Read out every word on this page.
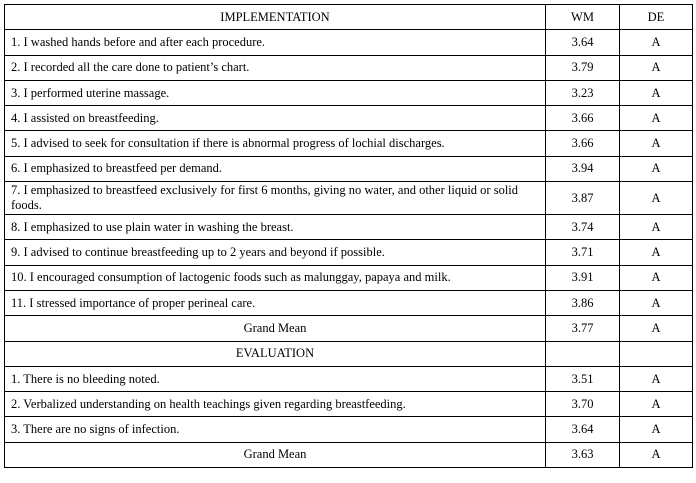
IMPLEMENTATION	WM	DE
1. I washed hands before and after each procedure.	3.64	A
2. I recorded all the care done to patient’s chart.	3.79	A
3. I performed uterine massage.	3.23	A
4. I assisted on breastfeeding.	3.66	A
5. I advised to seek for consultation if there is abnormal progress of lochial discharges.	3.66	A
6. I emphasized to breastfeed per demand.	3.94	A
7. I emphasized to breastfeed exclusively for first 6 months, giving no water, and other liquid or solid foods.	3.87	A
8. I emphasized to use plain water in washing the breast.	3.74	A
9. I advised to continue breastfeeding up to 2 years and beyond if possible.	3.71	A
10. I encouraged consumption of lactogenic foods such as malunggay, papaya and milk.	3.91	A
11. I stressed importance of proper perineal care.	3.86	A
Grand Mean	3.77	A
EVALUATION		
1. There is no bleeding noted.	3.51	A
2. Verbalized understanding on health teachings given regarding breastfeeding.	3.70	A
3. There are no signs of infection.	3.64	A
Grand Mean	3.63	A
